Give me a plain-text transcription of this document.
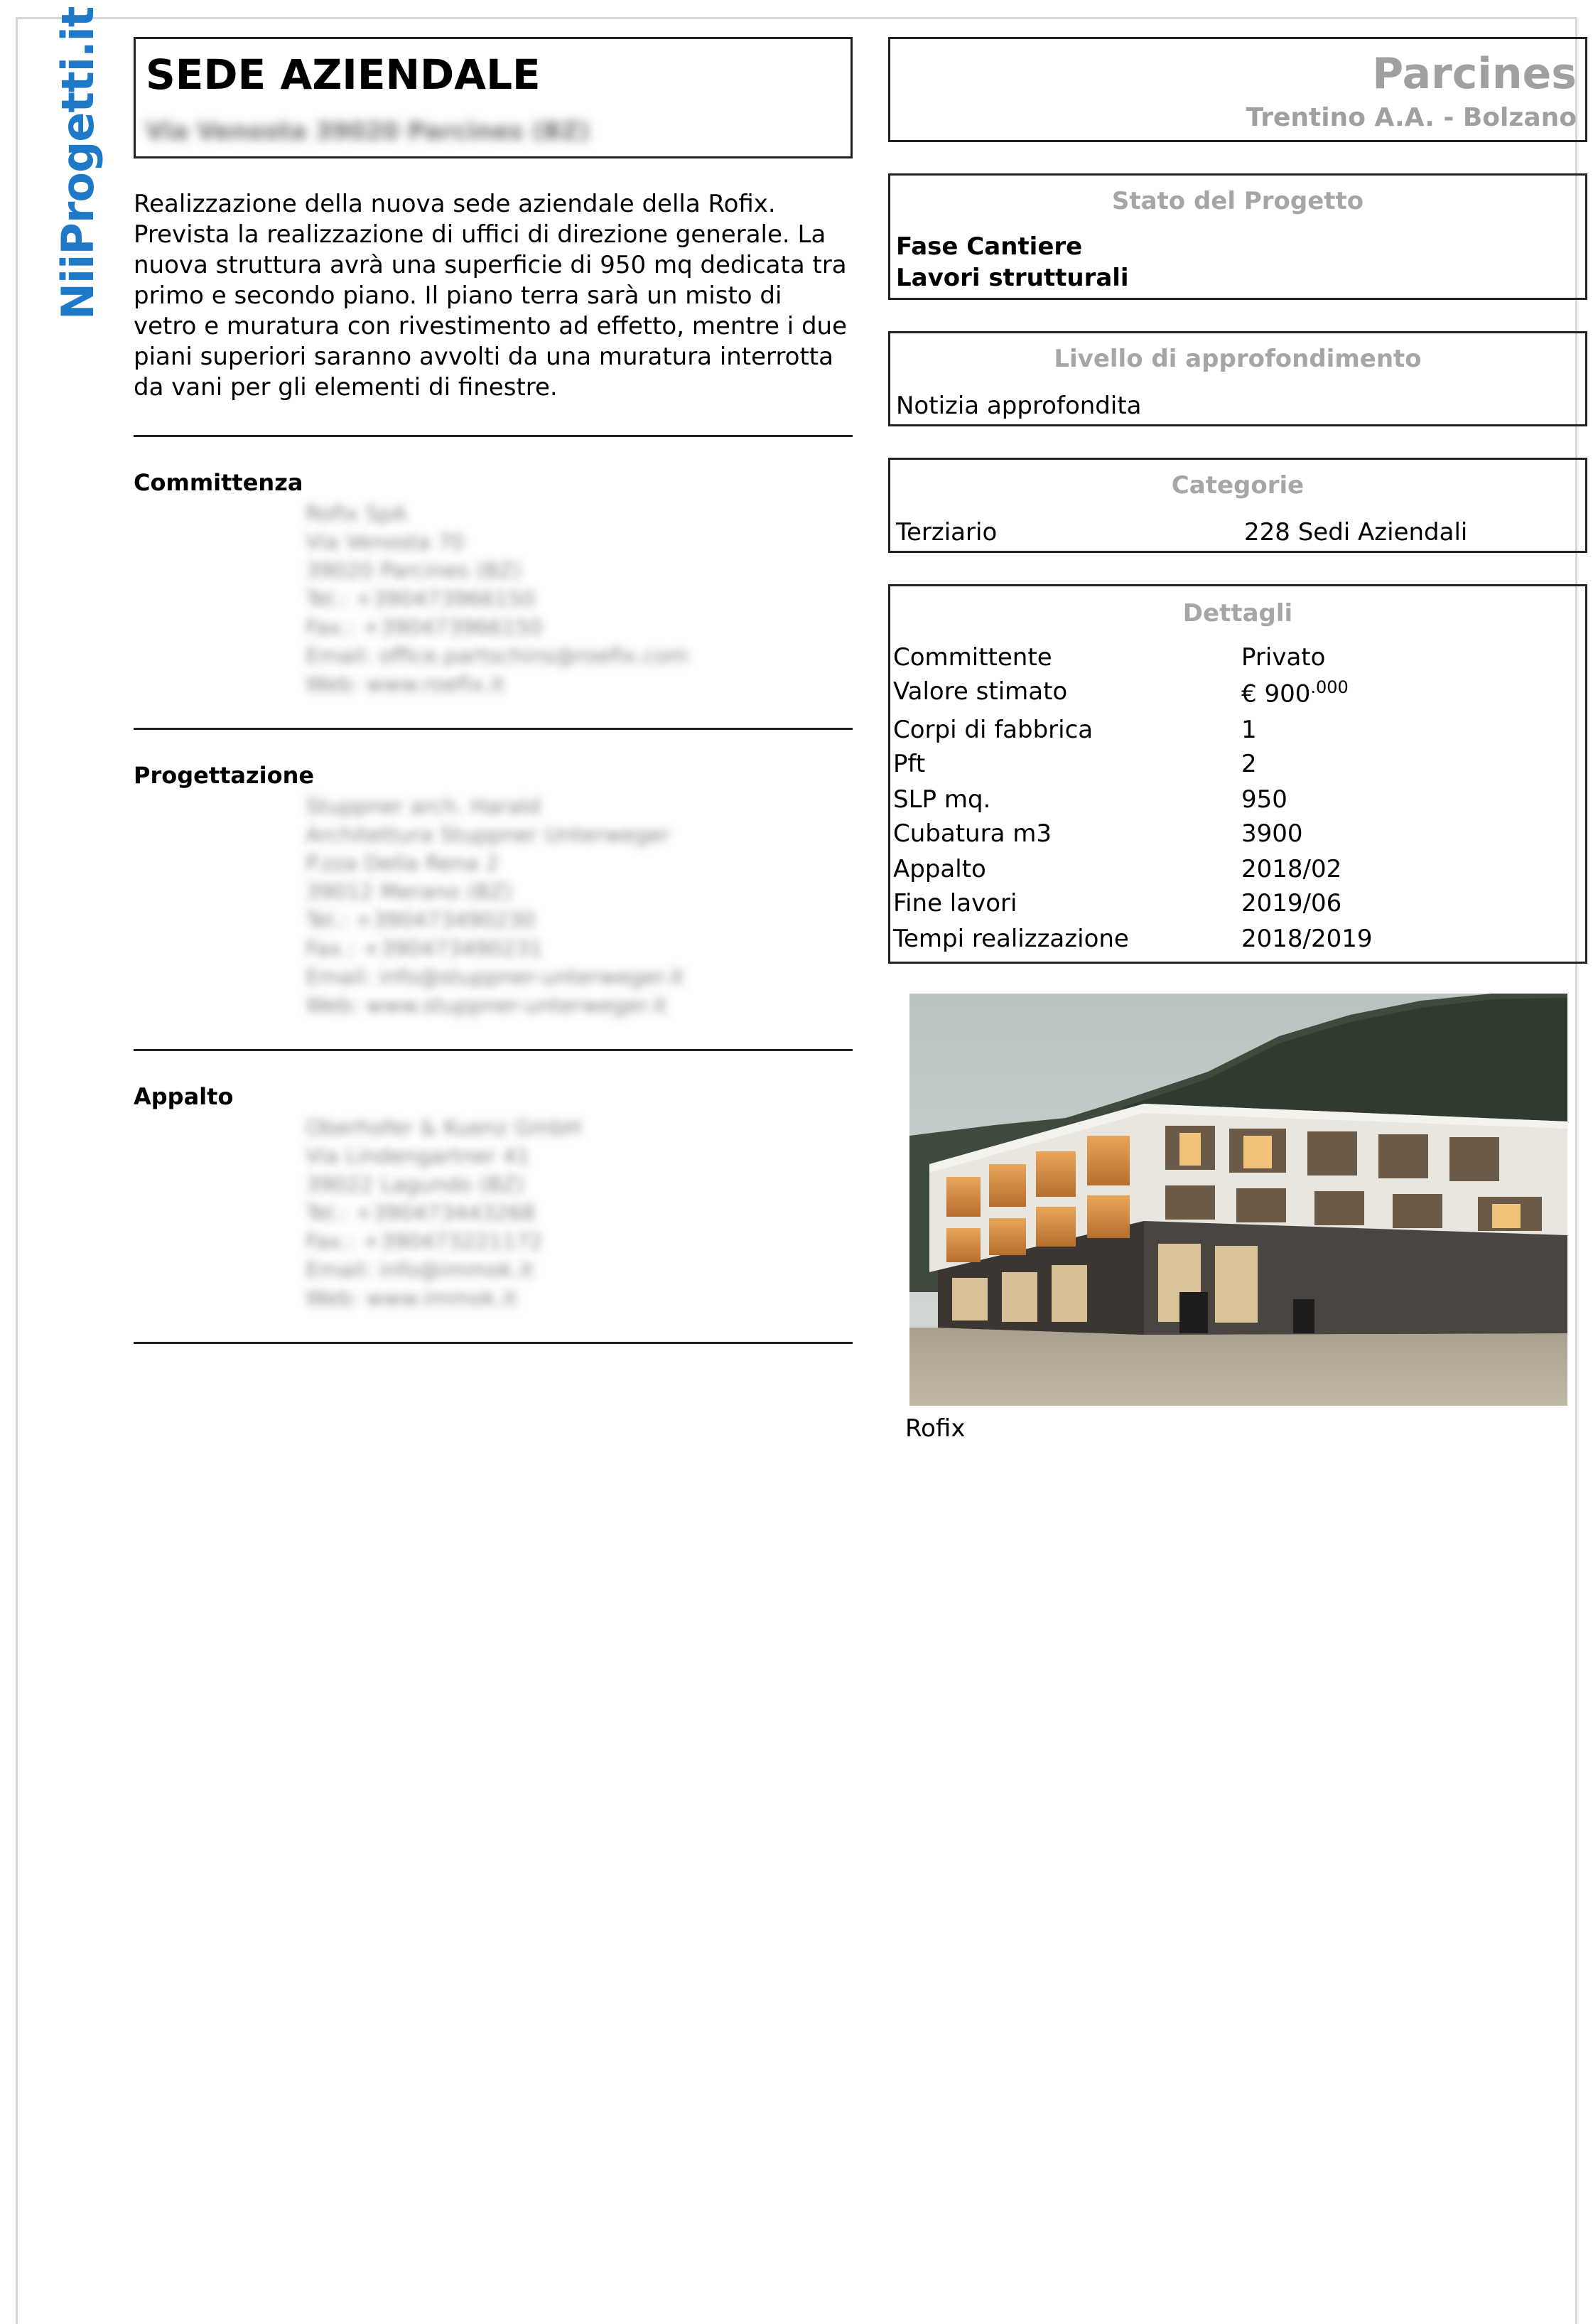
NiiProgetti.it SEDE AZIENDALE
Via Venosta 39020 Parcines (BZ)
Realizzazione della nuova sede aziendale della Rofix. Prevista la realizzazione di uffici di direzione generale. La nuova struttura avrà una superficie di 950 mq dedicata tra primo e secondo piano. Il piano terra sarà un misto di vetro e muratura con rivestimento ad effetto, mentre i due piani superiori saranno avvolti da una muratura interrotta da vani per gli elementi di finestre.
Committenza
Rofix SpA
Via Venosta 70
39020 Parcines (BZ)
Tel.: +390473966150
Fax.: +390473966150
Email: office.partschins@roefix.com
Web: www.roefix.it
Progettazione
Stuppner arch. Harald
Architettura Stuppner Unterweger
P.zza Della Rena 2
39012 Merano (BZ)
Tel.: +390473490230
Fax.: +390473490231
Email: info@stuppner-unterweger.it
Web: www.stuppner-unterweger.it
Appalto
Oberhofer & Kuenz GmbH
Via Lindengartner 41
39022 Lagundo (BZ)
Tel.: +390473443268
Fax.: +390473221172
Email: info@immok.it
Web: www.immok.it
Parcines
Trentino A.A. - Bolzano
Stato del Progetto
Fase Cantiere
Lavori strutturali
Livello di approfondimento
Notizia approfondita
Categorie
Terziario	228 Sedi Aziendali
Dettagli
Committente	Privato
Valore stimato	€ $900^{.000}$
Corpi di fabbrica	1
Pft	2
SLP mq.	950
Cubatura m3	3900
Appalto	2018/02
Fine lavori	2019/06
Tempi realizzazione	2018/2019
Rofix
